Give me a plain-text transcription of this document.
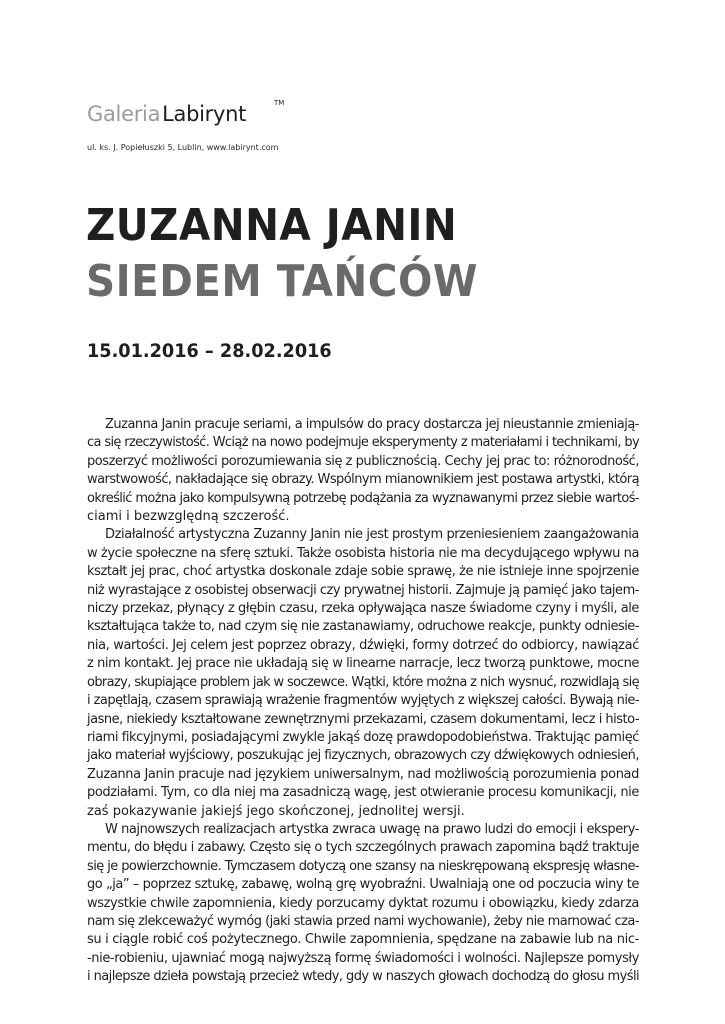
GaleriaLabirynt	TM
ul. ks. J. Popiełuszki 5, Lublin, www.labirynt.com
ZUZANNA JANIN
SIEDEM TAŃCÓW
15.01.2016 – 28.02.2016
Zuzanna Janin pracuje seriami, a impulsów do pracy dostarcza jej nieustannie zmieniają-
ca się rzeczywistość. Wciąż na nowo podejmuje eksperymenty z materiałami i technikami, by
poszerzyć możliwości porozumiewania się z publicznością. Cechy jej prac to: różnorodność,
warstwowość, nakładające się obrazy. Wspólnym mianownikiem jest postawa artystki, którą
określić można jako kompulsywną potrzebę podążania za wyznawanymi przez siebie wartoś-
ciami i bezwzględną szczerość.
Działalność artystyczna Zuzanny Janin nie jest prostym przeniesieniem zaangażowania
w życie społeczne na sferę sztuki. Także osobista historia nie ma decydującego wpływu na
kształt jej prac, choć artystka doskonale zdaje sobie sprawę, że nie istnieje inne spojrzenie
niż wyrastające z osobistej obserwacji czy prywatnej historii. Zajmuje ją pamięć jako tajem-
niczy przekaz, płynący z głębin czasu, rzeka opływająca nasze świadome czyny i myśli, ale
kształtująca także to, nad czym się nie zastanawiamy, odruchowe reakcje, punkty odniesie-
nia, wartości. Jej celem jest poprzez obrazy, dźwięki, formy dotrzeć do odbiorcy, nawiązać
z nim kontakt. Jej prace nie układają się w linearne narracje, lecz tworzą punktowe, mocne
obrazy, skupiające problem jak w soczewce. Wątki, które można z nich wysnuć, rozwidlają się
i zapętlają, czasem sprawiają wrażenie fragmentów wyjętych z większej całości. Bywają nie-
jasne, niekiedy kształtowane zewnętrznymi przekazami, czasem dokumentami, lecz i histo-
riami fikcyjnymi, posiadającymi zwykle jakąś dozę prawdopodobieństwa. Traktując pamięć
jako materiał wyjściowy, poszukując jej fizycznych, obrazowych czy dźwiękowych odniesień,
Zuzanna Janin pracuje nad językiem uniwersalnym, nad możliwością porozumienia ponad
podziałami. Tym, co dla niej ma zasadniczą wagę, jest otwieranie procesu komunikacji, nie
zaś pokazywanie jakiejś jego skończonej, jednolitej wersji.
W najnowszych realizacjach artystka zwraca uwagę na prawo ludzi do emocji i ekspery-
mentu, do błędu i zabawy. Często się o tych szczególnych prawach zapomina bądź traktuje
się je powierzchownie. Tymczasem dotyczą one szansy na nieskrępowaną ekspresję własne-
go „ja” – poprzez sztukę, zabawę, wolną grę wyobraźni. Uwalniają one od poczucia winy te
wszystkie chwile zapomnienia, kiedy porzucamy dyktat rozumu i obowiązku, kiedy zdarza
nam się zlekceważyć wymóg (jaki stawia przed nami wychowanie), żeby nie marnować cza-
su i ciągle robić coś pożytecznego. Chwile zapomnienia, spędzane na zabawie lub na nic-
-nie-robieniu, ujawniać mogą najwyższą formę świadomości i wolności. Najlepsze pomysły
i najlepsze dzieła powstają przecież wtedy, gdy w naszych głowach dochodzą do głosu myśli
